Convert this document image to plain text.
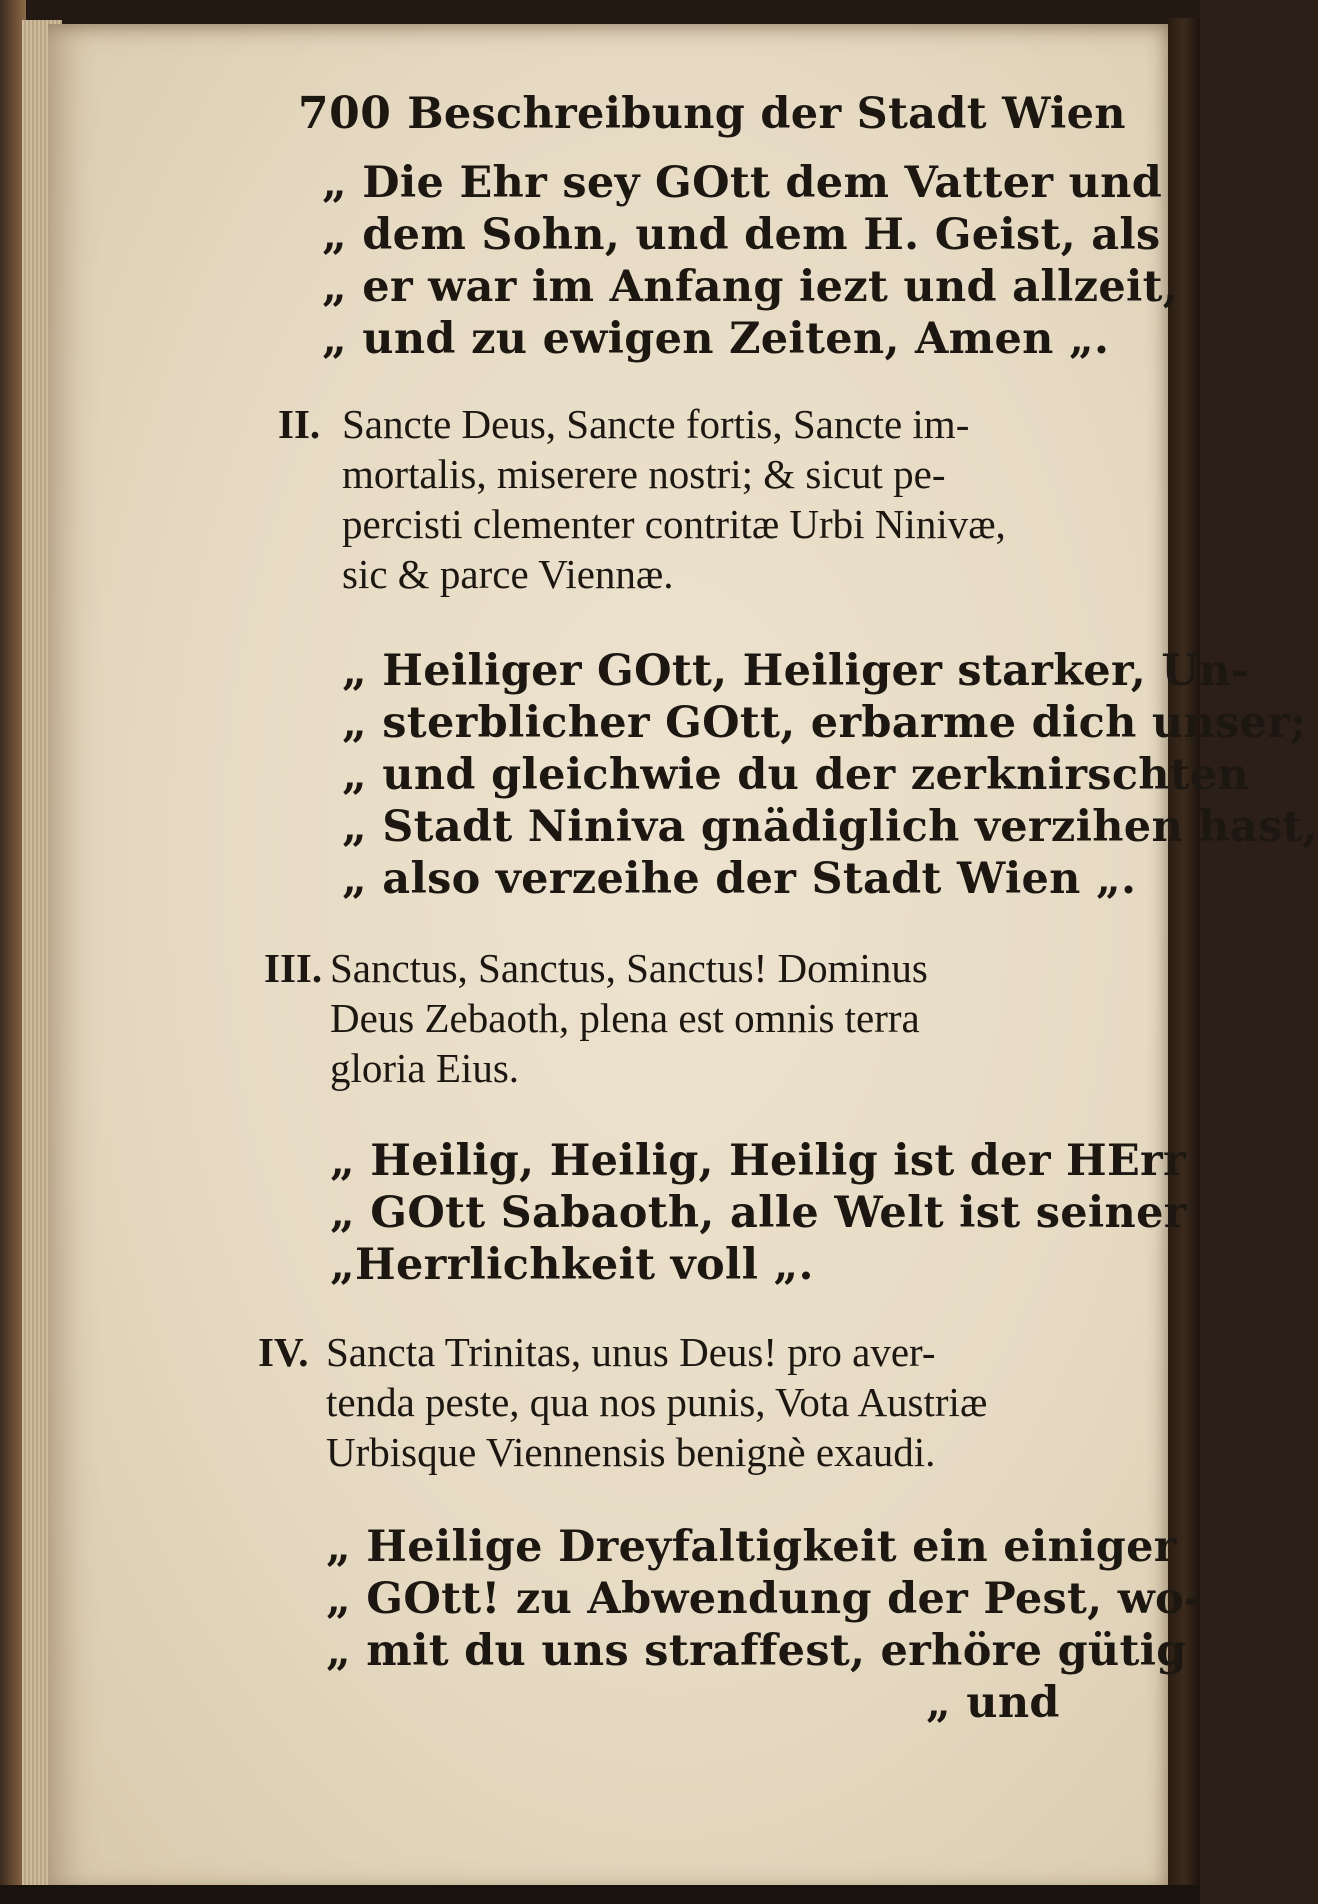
700 Beschreibung der Stadt Wien
„ Die Ehr sey GOtt dem Vatter und
„ dem Sohn, und dem H. Geist, als
„ er war im Anfang iezt und allzeit,
„ und zu ewigen Zeiten, Amen „.
II. Sancte Deus, Sancte fortis, Sancte im-
mortalis, miserere nostri; & sicut pe-
percisti clementer contritæ Urbi Ninivæ,
sic & parce Viennæ.
„ Heiliger GOtt, Heiliger starker, Un-
„ sterblicher GOtt, erbarme dich unser;
„ und gleichwie du der zerknirschten
„ Stadt Niniva gnädiglich verzihen hast,
„ also verzeihe der Stadt Wien „.
III. Sanctus, Sanctus, Sanctus! Dominus
Deus Zebaoth, plena est omnis terra
gloria Eius.
„ Heilig, Heilig, Heilig ist der HErr
„ GOtt Sabaoth, alle Welt ist seiner
„Herrlichkeit voll „.
IV. Sancta Trinitas, unus Deus! pro aver-
tenda peste, qua nos punis, Vota Austriæ
Urbisque Viennensis benignè exaudi.
„ Heilige Dreyfaltigkeit ein einiger
„ GOtt! zu Abwendung der Pest, wo-
„ mit du uns straffest, erhöre gütig
„ und
